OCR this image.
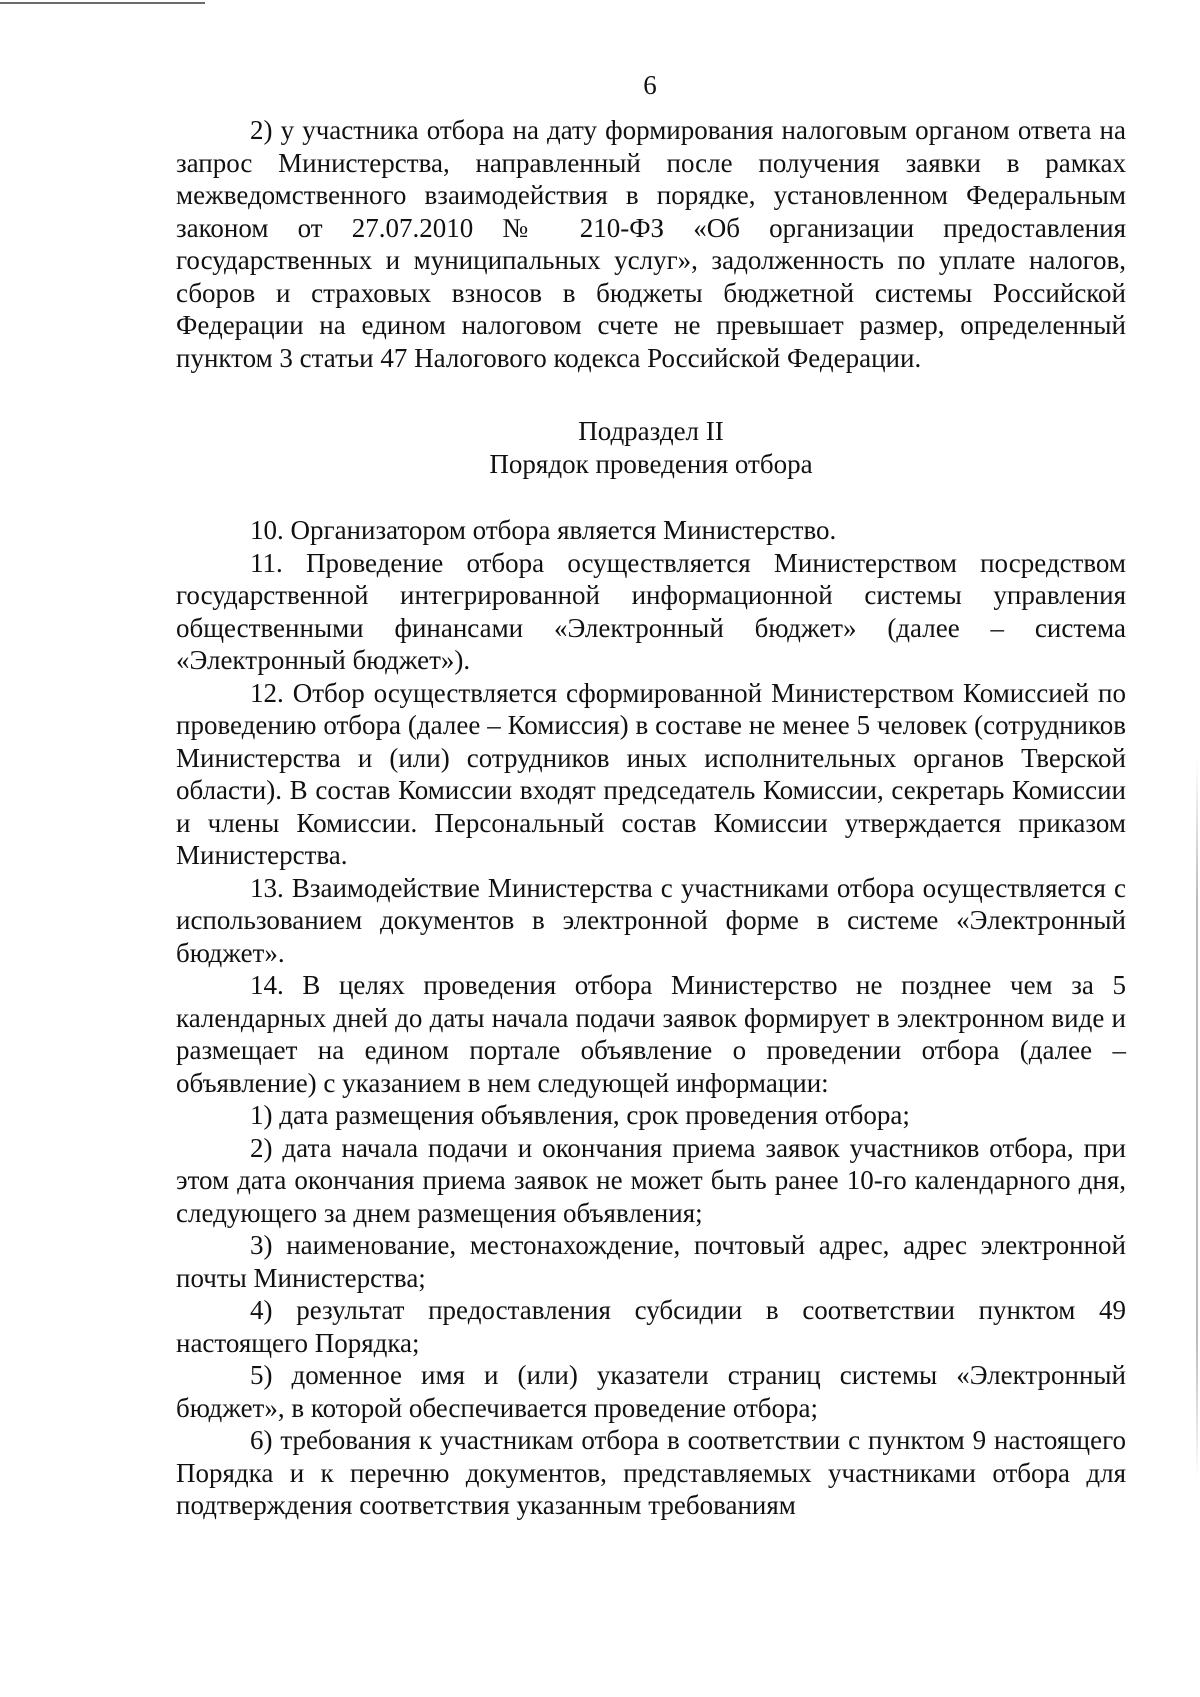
6

2) у участника отбора на дату формирования налоговым органом ответа на запрос Министерства, направленный после получения заявки в рамках межведомственного взаимодействия в порядке, установленном Федеральным законом от 27.07.2010 № 210-ФЗ «Об организации предоставления государственных и муниципальных услуг», задолженность по уплате налогов, сборов и страховых взносов в бюджеты бюджетной системы Российской Федерации на едином налоговом счете не превышает размер, определенный пунктом 3 статьи 47 Налогового кодекса Российской Федерации.

Подраздел II

Порядок проведения отбора

10. Организатором отбора является Министерство.

11. Проведение отбора осуществляется Министерством посредством государственной интегрированной информационной системы управления общественными финансами «Электронный бюджет» (далее – система «Электронный бюджет»).

12. Отбор осуществляется сформированной Министерством Комиссией по проведению отбора (далее – Комиссия) в составе не менее 5 человек (сотрудников Министерства и (или) сотрудников иных исполнительных органов Тверской области). В состав Комиссии входят председатель Комиссии, секретарь Комиссии и члены Комиссии. Персональный состав Комиссии утверждается приказом Министерства.

13. Взаимодействие Министерства с участниками отбора осуществляется с использованием документов в электронной форме в системе «Электронный бюджет».

14. В целях проведения отбора Министерство не позднее чем за 5 календарных дней до даты начала подачи заявок формирует в электронном виде и размещает на едином портале объявление о проведении отбора (далее – объявление) с указанием в нем следующей информации:

1) дата размещения объявления, срок проведения отбора;

2) дата начала подачи и окончания приема заявок участников отбора, при этом дата окончания приема заявок не может быть ранее 10-го календарного дня, следующего за днем размещения объявления;

3) наименование, местонахождение, почтовый адрес, адрес электронной почты Министерства;

4) результат предоставления субсидии в соответствии пунктом 49 настоящего Порядка;

5) доменное имя и (или) указатели страниц системы «Электронный бюджет», в которой обеспечивается проведение отбора;

6) требования к участникам отбора в соответствии с пунктом 9 настоящего Порядка и к перечню документов, представляемых участниками отбора для подтверждения соответствия указанным требованиям
